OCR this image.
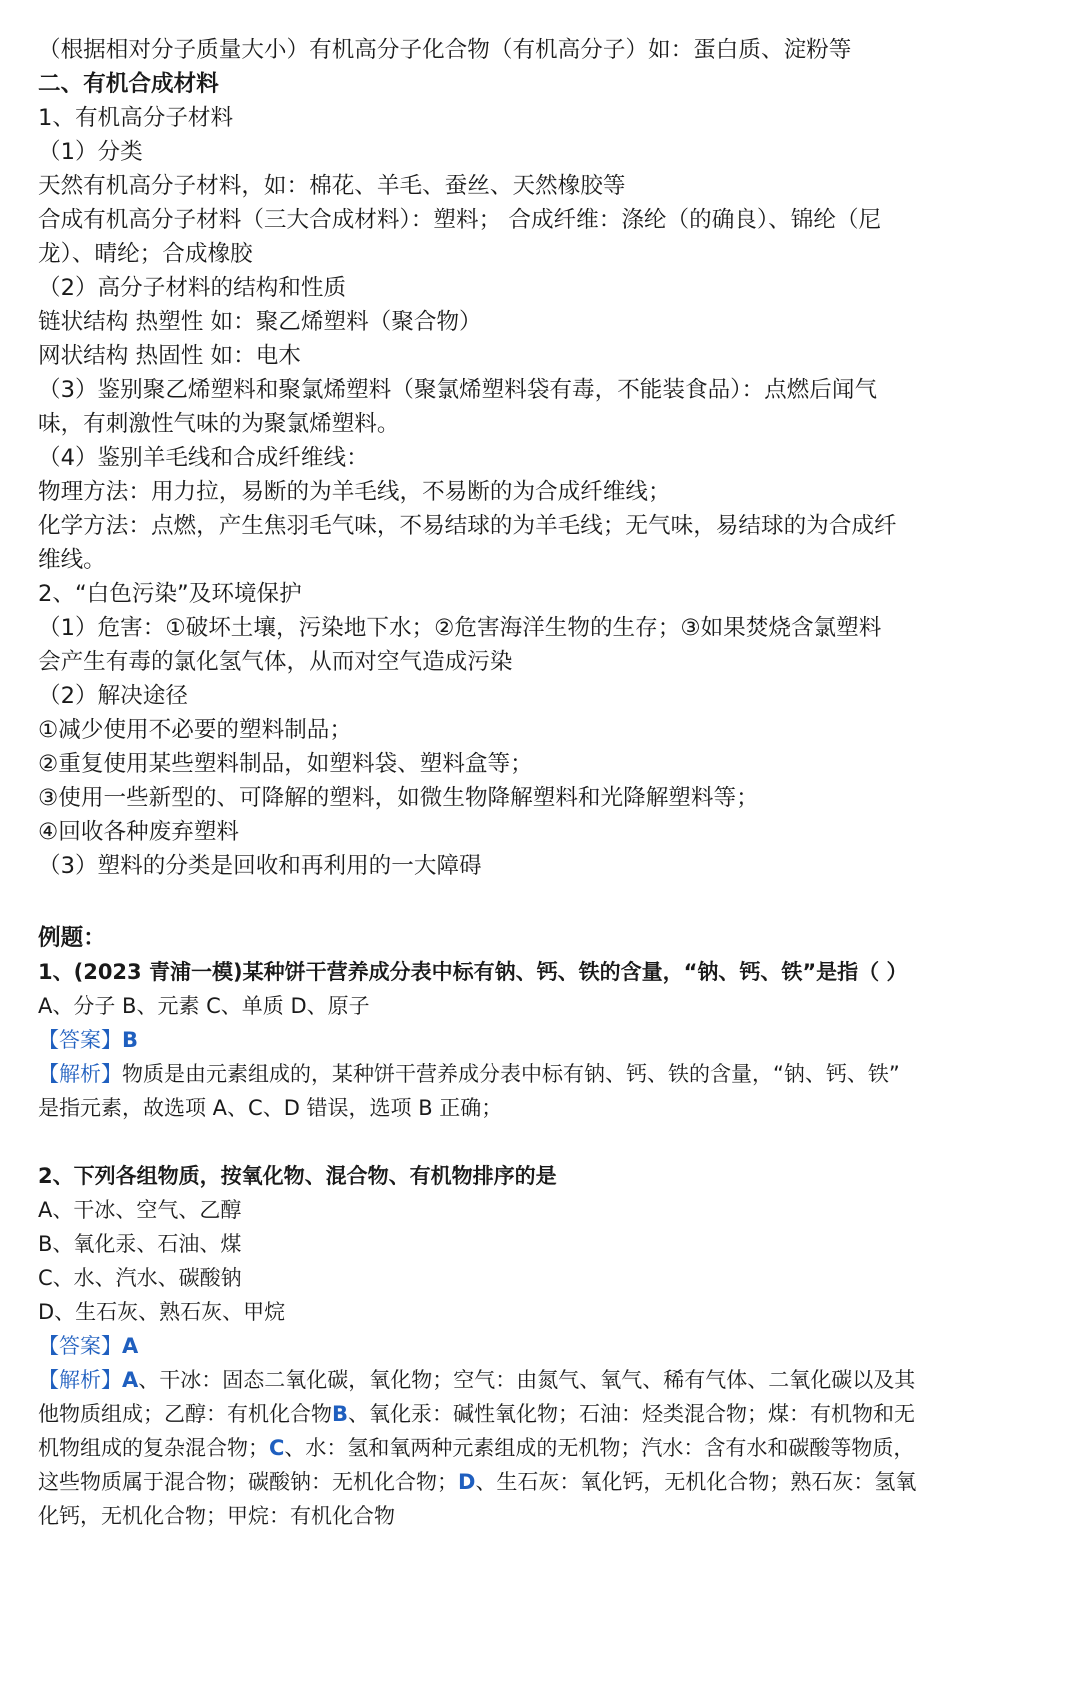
（根据相对分子质量大小）有机高分子化合物（有机高分子）如：蛋白质、淀粉等
二、有机合成材料
1、有机高分子材料
（1）分类
天然有机高分子材料，如：棉花、羊毛、蚕丝、天然橡胶等
合成有机高分子材料（三大合成材料）：塑料； 合成纤维：涤纶（的确良）、锦纶（尼
龙）、晴纶；合成橡胶
（2）高分子材料的结构和性质
链状结构 热塑性 如：聚乙烯塑料（聚合物）
网状结构 热固性 如：电木
（3）鉴别聚乙烯塑料和聚氯烯塑料（聚氯烯塑料袋有毒，不能装食品）：点燃后闻气
味，有刺激性气味的为聚氯烯塑料。
（4）鉴别羊毛线和合成纤维线：
物理方法：用力拉，易断的为羊毛线，不易断的为合成纤维线；
化学方法：点燃，产生焦羽毛气味，不易结球的为羊毛线；无气味，易结球的为合成纤
维线。
2、“白色污染”及环境保护
（1）危害：①破坏土壤，污染地下水；②危害海洋生物的生存；③如果焚烧含氯塑料
会产生有毒的氯化氢气体，从而对空气造成污染
（2）解决途径
①减少使用不必要的塑料制品；
②重复使用某些塑料制品，如塑料袋、塑料盒等；
③使用一些新型的、可降解的塑料，如微生物降解塑料和光降解塑料等；
④回收各种废弃塑料
（3）塑料的分类是回收和再利用的一大障碍
例题：
1、(2023 青浦一模)某种饼干营养成分表中标有钠、钙、铁的含量，“钠、钙、铁”是指（ ）
A、分子 B、元素 C、单质 D、原子
【答案】B
【解析】物质是由元素组成的，某种饼干营养成分表中标有钠、钙、铁的含量，“钠、钙、铁”
是指元素，故选项 A、C、D 错误，选项 B 正确；
2、下列各组物质，按氧化物、混合物、有机物排序的是
A、干冰、空气、乙醇
B、氧化汞、石油、煤
C、水、汽水、碳酸钠
D、生石灰、熟石灰、甲烷
【答案】A
【解析】A、干冰：固态二氧化碳，氧化物；空气：由氮气、氧气、稀有气体、二氧化碳以及其
他物质组成；乙醇：有机化合物B、氧化汞：碱性氧化物；石油：烃类混合物；煤：有机物和无
机物组成的复杂混合物；C、水：氢和氧两种元素组成的无机物；汽水：含有水和碳酸等物质，
这些物质属于混合物；碳酸钠：无机化合物；D、生石灰：氧化钙，无机化合物；熟石灰：氢氧
化钙，无机化合物；甲烷：有机化合物
